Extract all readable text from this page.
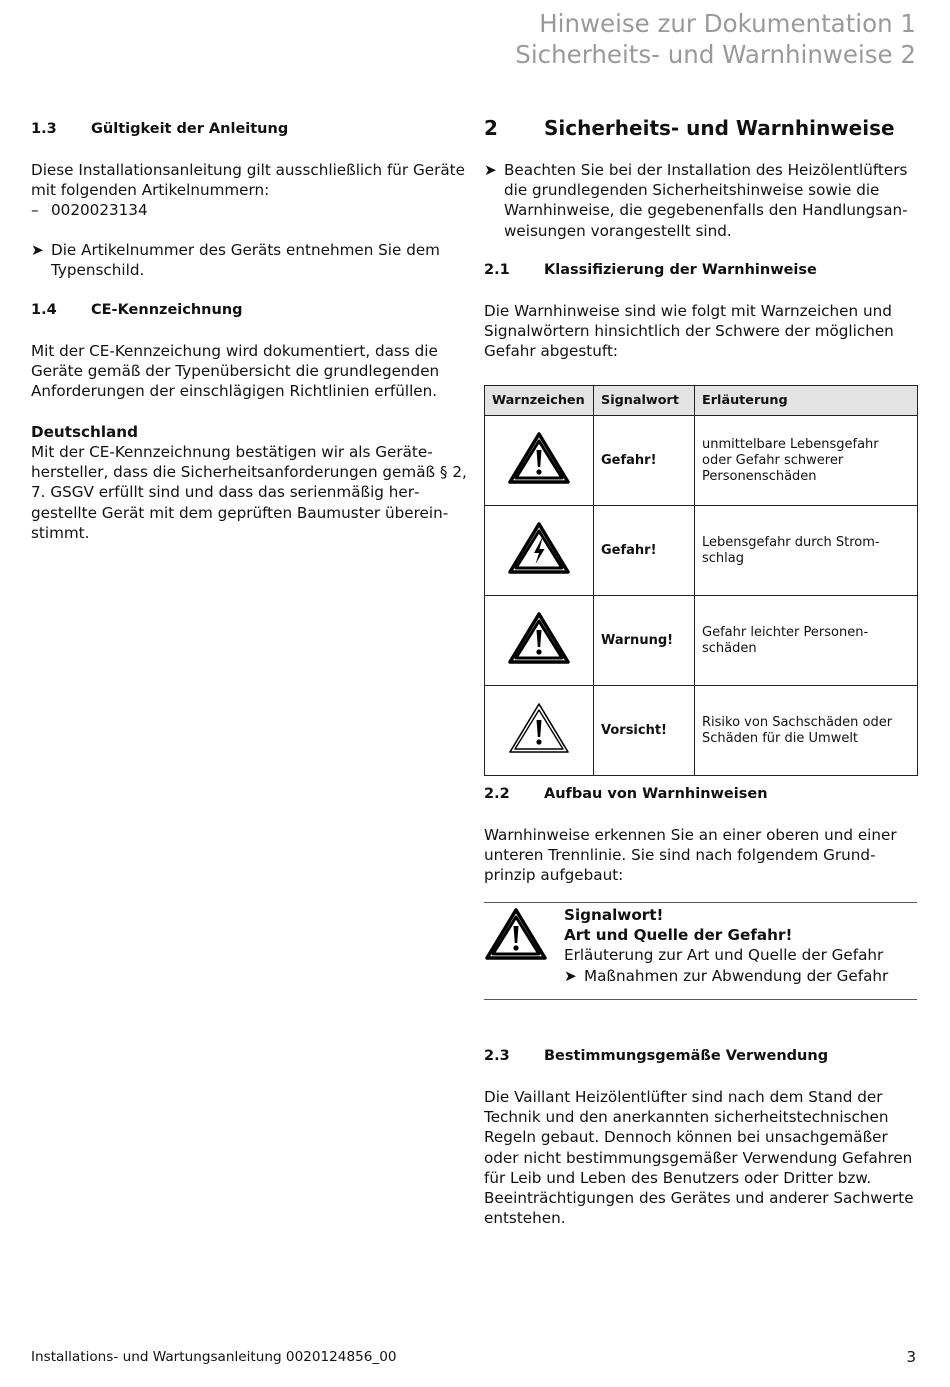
Hinweise zur Dokumentation 1
Sicherheits- und Warnhinweise 2
1.3 Gültigkeit der Anleitung
Diese Installationsanleitung gilt ausschließlich für Geräte mit folgenden Artikelnummern:
– 0020023134
➤ Die Artikelnummer des Geräts entnehmen Sie dem Typenschild.
1.4 CE-Kennzeichnung
Mit der CE-Kennzeichung wird dokumentiert, dass die Geräte gemäß der Typenübersicht die grundlegenden Anforderungen der einschlägigen Richtlinien erfüllen.
Deutschland
Mit der CE-Kennzeichnung bestätigen wir als Gerätehersteller, dass die Sicherheitsanforderungen gemäß § 2, 7. GSGV erfüllt sind und dass das serienmäßig hergestellte Gerät mit dem geprüften Baumuster übereinstimmt.
2 Sicherheits- und Warnhinweise
➤ Beachten Sie bei der Installation des Heizölentlüfters die grundlegenden Sicherheitshinweise sowie die Warnhinweise, die gegebenenfalls den Handlungsanweisungen vorangestellt sind.
2.1 Klassifizierung der Warnhinweise
Die Warnhinweise sind wie folgt mit Warnzeichen und Signalwörtern hinsichtlich der Schwere der möglichen Gefahr abgestuft:
Warnzeichen	Signalwort	Erläuterung

	Gefahr!	unmittelbare Lebensgefahr oder Gefahr schwerer Personenschäden

	Gefahr!	Lebensgefahr durch Stromschlag

	Warnung!	Gefahr leichter Personenschäden

	Vorsicht!	Risiko von Sachschäden oder Schäden für die Umwelt
2.2 Aufbau von Warnhinweisen
Warnhinweise erkennen Sie an einer oberen und einer unteren Trennlinie. Sie sind nach folgendem Grundprinzip aufgebaut:
Signalwort!
Art und Quelle der Gefahr!
Erläuterung zur Art und Quelle der Gefahr
➤ Maßnahmen zur Abwendung der Gefahr
2.3 Bestimmungsgemäße Verwendung
Die Vaillant Heizölentlüfter sind nach dem Stand der Technik und den anerkannten sicherheitstechnischen Regeln gebaut. Dennoch können bei unsachgemäßer oder nicht bestimmungsgemäßer Verwendung Gefahren für Leib und Leben des Benutzers oder Dritter bzw. Beeinträchtigungen des Gerätes und anderer Sachwerte entstehen.
Installations- und Wartungsanleitung 0020124856_00	3
